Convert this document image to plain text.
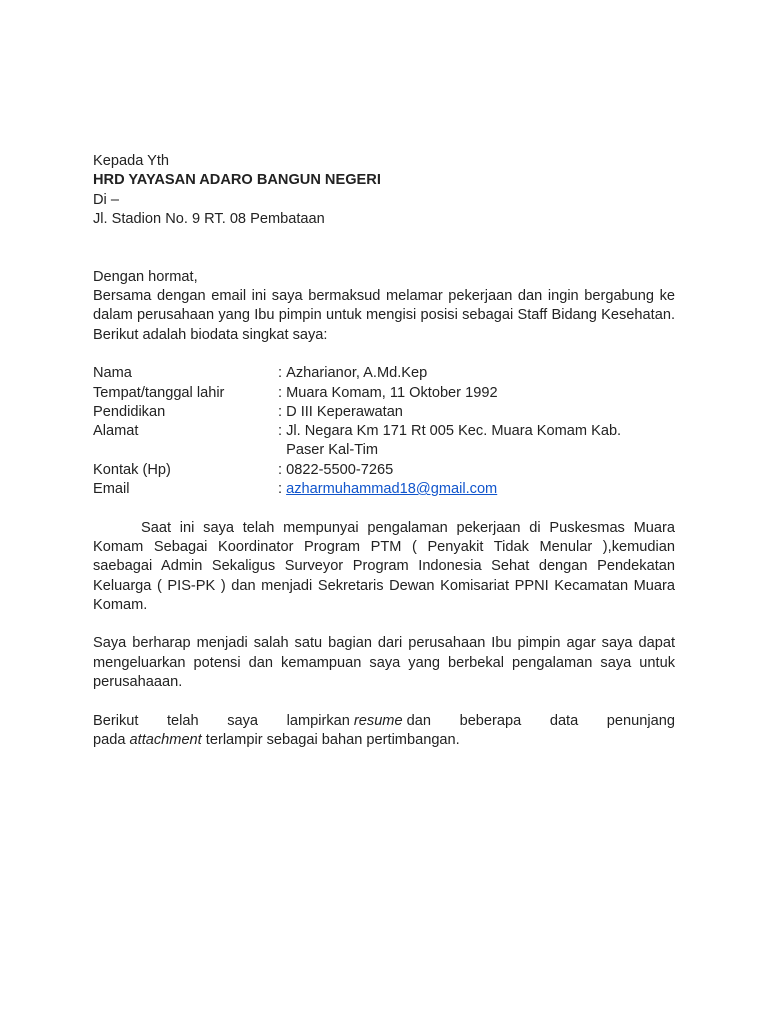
Kepada Yth
HRD YAYASAN ADARO BANGUN NEGERI
Di –
Jl. Stadion No. 9 RT. 08 Pembataan
Dengan hormat,
Bersama dengan email ini saya bermaksud melamar pekerjaan dan ingin bergabung ke dalam perusahaan yang Ibu pimpin untuk mengisi posisi sebagai Staff Bidang Kesehatan. Berikut adalah biodata singkat saya:
Nama	: Azharianor, A.Md.Kep
Tempat/tanggal lahir	: Muara Komam, 11 Oktober 1992
Pendidikan	: D III Keperawatan
Alamat	: Jl. Negara Km 171 Rt 005 Kec. Muara Komam Kab.
Paser Kal-Tim
Kontak (Hp)	: 0822-5500-7265
Email	: azharmuhammad18@gmail.com
Saat ini saya telah mempunyai pengalaman pekerjaan di Puskesmas Muara Komam Sebagai Koordinator Program PTM ( Penyakit Tidak Menular ),kemudian saebagai Admin Sekaligus Surveyor Program Indonesia Sehat dengan Pendekatan Keluarga ( PIS-PK ) dan menjadi Sekretaris Dewan Komisariat PPNI Kecamatan Muara Komam.
Saya berharap menjadi salah satu bagian dari perusahaan Ibu pimpin agar saya dapat mengeluarkan potensi dan kemampuan saya yang berbekal pengalaman saya untuk perusahaaan.
Berikut telah saya lampirkan resume dan beberapa data penunjang
pada attachment terlampir sebagai bahan pertimbangan.
